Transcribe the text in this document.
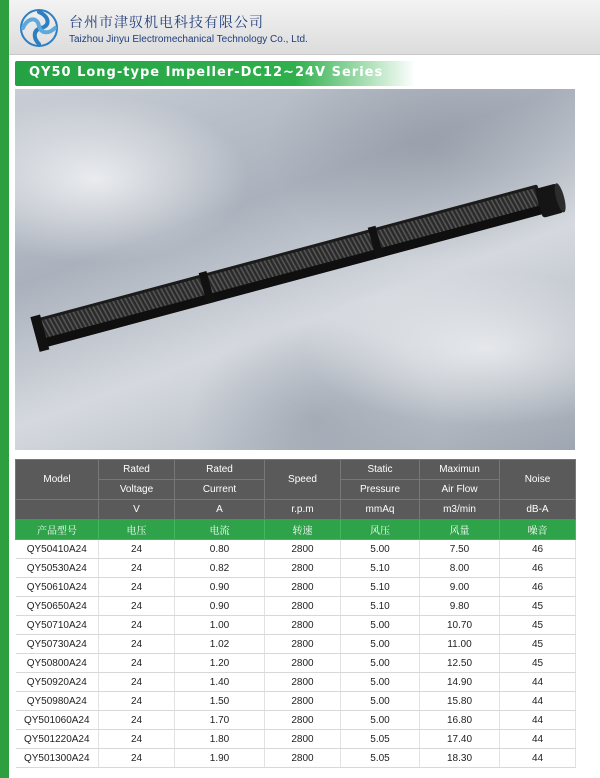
台州市津驭机电科技有限公司
Taizhou Jinyu Electromechanical Technology Co., Ltd.
QY50 Long-type Impeller-DC12~24V Series
Model	Rated	Rated	Speed	Static	Maximun	Noise
	Voltage	Current		Pressure	Air Flow	
	V	A	r.p.m	mmAq	m3/min	dB-A
产品型号	电压	电流	转速	风压	风量	噪音
QY50410A24	24	0.80	2800	5.00	7.50	46
QY50530A24	24	0.82	2800	5.10	8.00	46
QY50610A24	24	0.90	2800	5.10	9.00	46
QY50650A24	24	0.90	2800	5.10	9.80	45
QY50710A24	24	1.00	2800	5.00	10.70	45
QY50730A24	24	1.02	2800	5.00	11.00	45
QY50800A24	24	1.20	2800	5.00	12.50	45
QY50920A24	24	1.40	2800	5.00	14.90	44
QY50980A24	24	1.50	2800	5.00	15.80	44
QY501060A24	24	1.70	2800	5.00	16.80	44
QY501220A24	24	1.80	2800	5.05	17.40	44
QY501300A24	24	1.90	2800	5.05	18.30	44
